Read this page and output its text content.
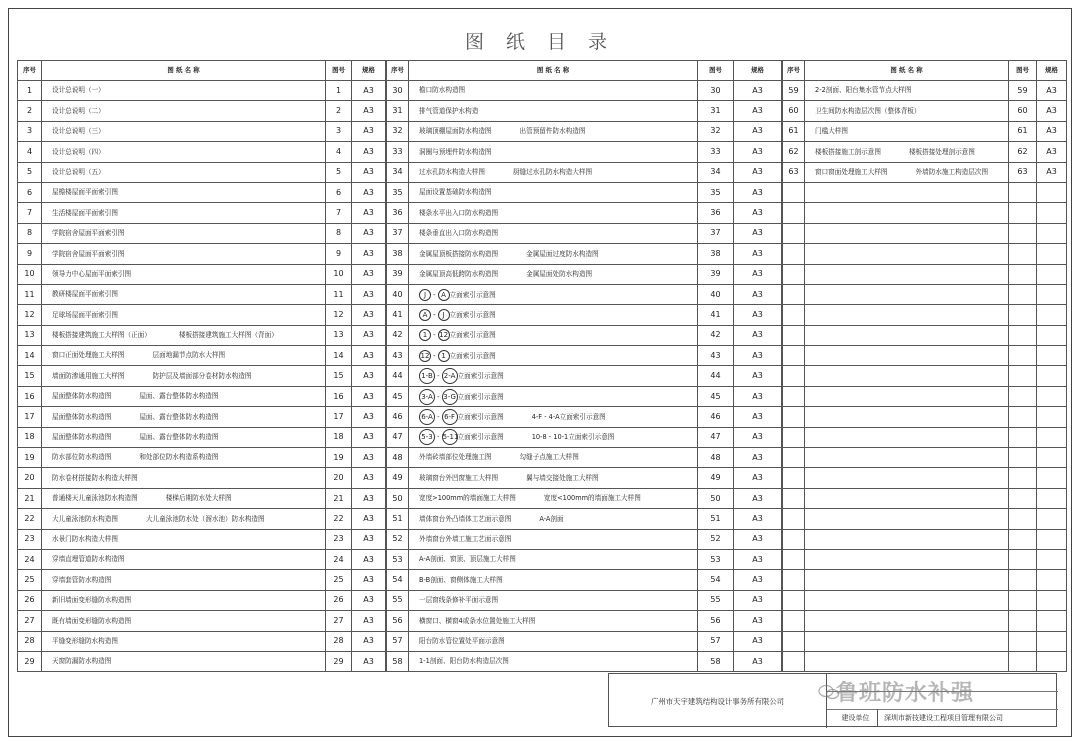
图 纸 目 录
序号	图 纸 名 称	图号	规格
1	设计总说明（一）	1	A3
2	设计总说明（二）	2	A3
3	设计总说明（三）	3	A3
4	设计总说明（四）	4	A3
5	设计总说明（五）	5	A3
6	屋檐楼屋面平面索引图	6	A3
7	生活楼屋面平面索引图	7	A3
8	学院宿舍屋面平面索引图	8	A3
9	学院宿舍屋面平面索引图	9	A3
10	领导力中心屋面平面索引图	10	A3
11	教研楼屋面平面索引图	11	A3
12	足球场屋面平面索引图	12	A3
13	楼板搭接建筑施工大样图（正面） 楼板搭接建筑施工大样图（背面）	13	A3
14	窗口正面处理施工大样图 层面地漏节点防水大样图	14	A3
15	墙面防渗通用施工大样图 防护层及墙面部分卷材防水构造图	15	A3
16	屋面整体防水构造图 屋面、露台整体防水构造图	16	A3
17	屋面整体防水构造图 屋面、露台整体防水构造图	17	A3
18	屋面整体防水构造图 屋面、露台整体防水构造图	18	A3
19	防水部位防水构造图 和处部位防水构造系构造图	19	A3
20	防水卷材搭接防水构造大样图	20	A3
21	普通楼天儿童泳池防水构造图 楼梯后期防水处大样图	21	A3
22	大儿童泳池防水构造图 大儿童泳池防水处（溜水池）防水构造图	22	A3
23	水景门防水构造大样图	23	A3
24	穿墙直埋管道防水构造图	24	A3
25	穿墙套管防水构造图	25	A3
26	新旧墙面变形缝防水构造图	26	A3
27	既有墙面变形缝防水构造图	27	A3
28	平缝变形缝防水构造图	28	A3
29	天窗防漏防水构造图	29	A3
序号	图 纸 名 称	图号	规格
30	檐口防水构造图	30	A3
31	排气管道保护水构造	31	A3
32	玻璃顶棚屋面防水构造图 出管预留件防水构造图	32	A3
33	洞圈与预埋件防水构造图	33	A3
34	过水孔防水构造大样图 厨缝过水孔防水构造大样图	34	A3
35	屋面设置基础防水构造图	35	A3
36	楼条水平出入口防水构造图	36	A3
37	楼条垂直出入口防水构造图	37	A3
38	金属屋顶板搭接防水构造图 金属屋面过度防水构造图	38	A3
39	金属屋顶高低跨防水构造图 金属屋面处防水构造图	39	A3
40	J - A 立面索引示意图	40	A3
41	A - J 立面索引示意图	41	A3
42	1 - 12 立面索引示意图	42	A3
43	12 - 1 立面索引示意图	43	A3
44	1-B - 2-A 立面索引示意图	44	A3
45	3-A - 3-G 立面索引示意图	45	A3
46	6-A - 6-F 立面索引示意图 4-F - 4-A立面索引示意图	46	A3
47	5-3 - 5-11立面索引示意图 10-8 - 10-1立面索引示意图	47	A3
48	外墙砖墙部位处理施工图 勾缝子点施工大样图	48	A3
49	玻璃窗台外凹窗施工大样图 翼与墙交接处施工大样图	49	A3
50	宽度>100mm的墙面施工大样图 宽度<100mm的墙面施工大样图	50	A3
51	墙体窗台外凸墙体工艺面示意图 A-A剖面	51	A3
52	外墙窗台外墙工施工艺面示意图	52	A3
53	A-A剖面、窗顶、顶层施工大样图	53	A3
54	B-B剖面、窗侧体施工大样图	54	A3
55	一层窗线条修补平面示意图	55	A3
56	横窗口、横窗4或条水位置处施工大样图	56	A3
57	阳台防水管位置处平面示意图	57	A3
58	1-1剖面、阳台防水构造层次图	58	A3
序号	图 纸 名 称	图号	规格
59	2-2剖面、阳台集水管节点大样图	59	A3
60	卫生间防水构造层次图（整体背板）	60	A3
61	门槛大样图	61	A3
62	楼板搭接施工剖示意图 楼板搭接处理剖示意图	62	A3
63	窗口窗面处理施工大样图 外墙防水施工构造层次图	63	A3

广州市天宇建筑结构设计事务所有限公司
建设单位	深圳市新技建设工程项目管理有限公司
鲁班防水补强
